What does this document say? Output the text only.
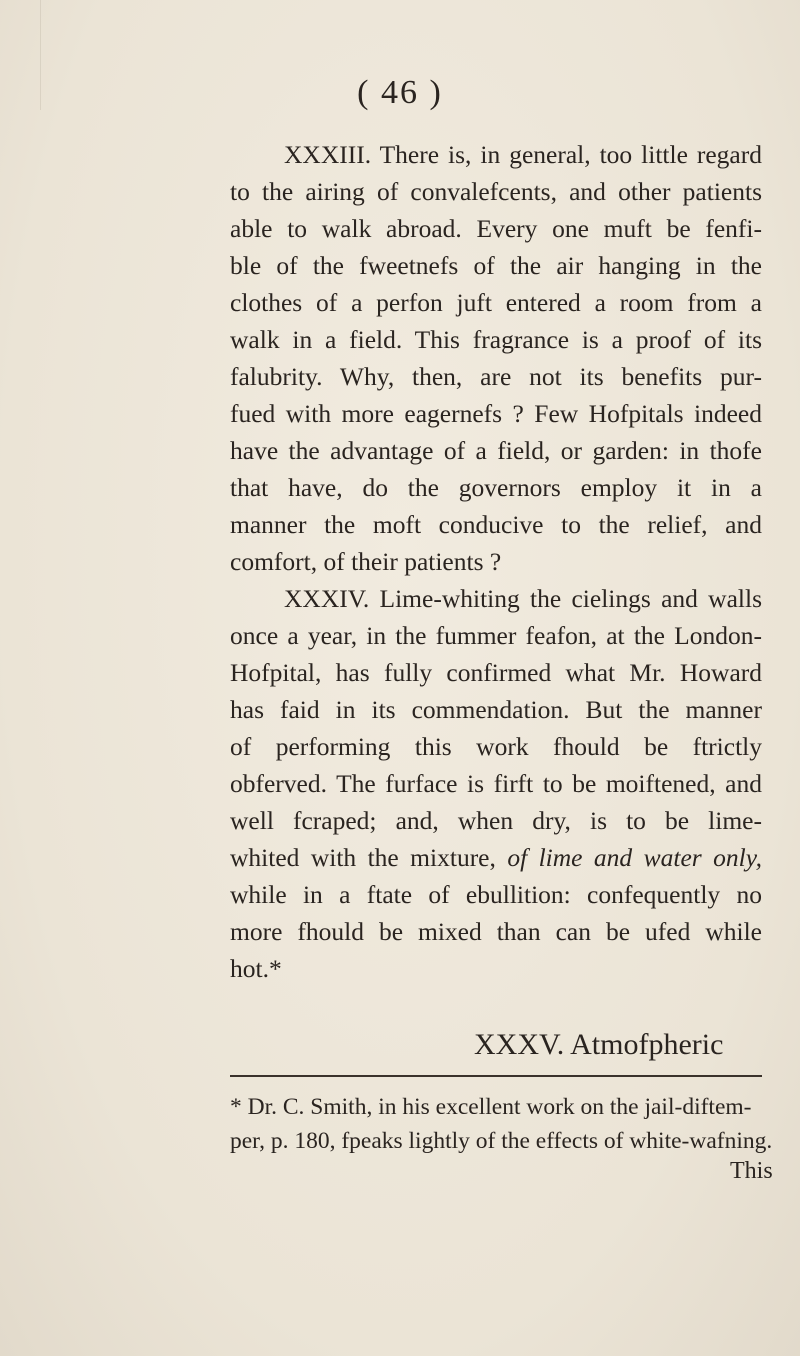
( 46 )
XXXIII. There is, in general, too little regard
to the airing of convalefcents, and other patients
able to walk abroad. Every one muft be fenfi-
ble of the fweetnefs of the air hanging in the
clothes of a perfon juft entered a room from a
walk in a field. This fragrance is a proof of its
falubrity. Why, then, are not its benefits pur-
fued with more eagernefs ? Few Hofpitals indeed
have the advantage of a field, or garden: in thofe
that have, do the governors employ it in a
manner the moft conducive to the relief, and
comfort, of their patients ?
XXXIV. Lime-whiting the cielings and walls
once a year, in the fummer feafon, at the London-
Hofpital, has fully confirmed what Mr. Howard
has faid in its commendation. But the manner
of performing this work fhould be ftrictly
obferved. The furface is firft to be moiftened, and
well fcraped; and, when dry, is to be lime-
whited with the mixture, of lime and water only,
while in a ftate of ebullition: confequently no
more fhould be mixed than can be ufed while
hot.*
XXXV. Atmofpheric
* Dr. C. Smith, in his excellent work on the jail-diftem-
per, p. 180, fpeaks lightly of the effects of white-wafning.
This
